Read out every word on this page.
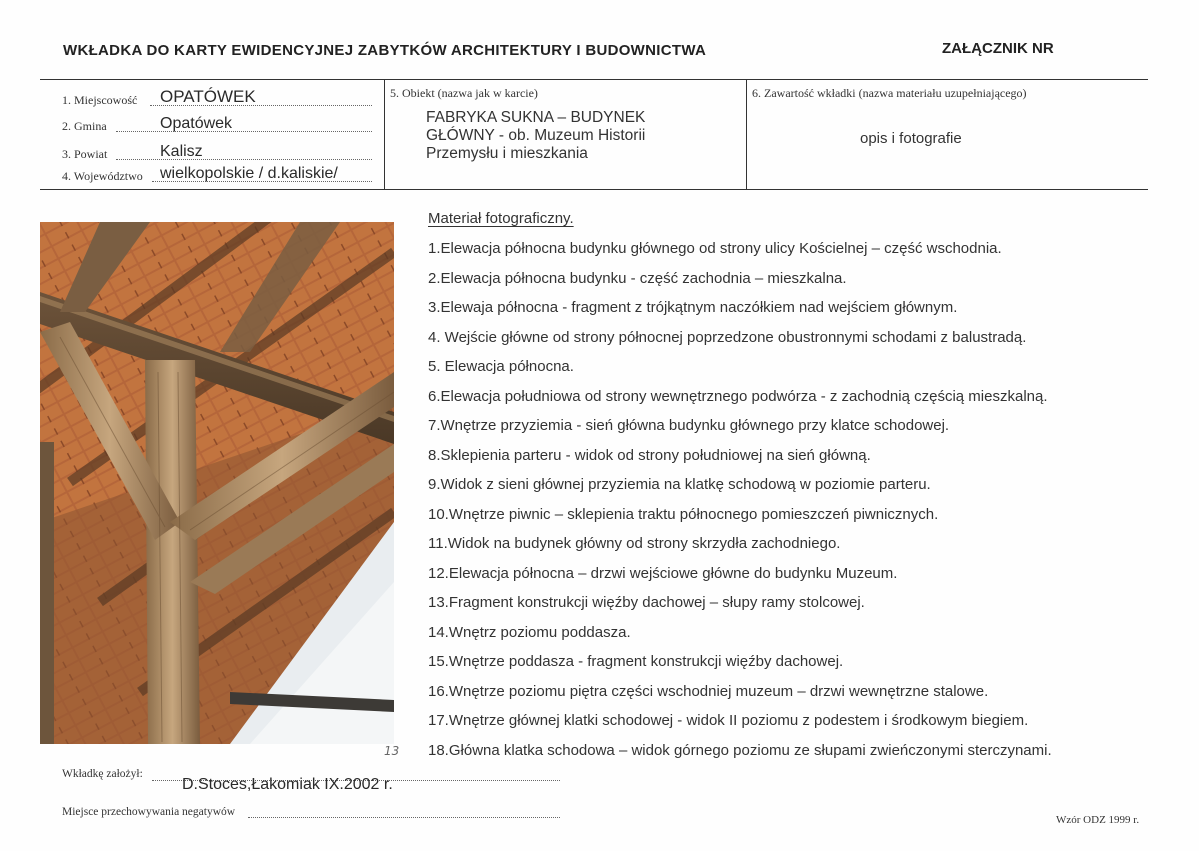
WKŁADKA DO KARTY EWIDENCYJNEJ ZABYTKÓW ARCHITEKTURY I BUDOWNICTWA	ZAŁĄCZNIK NR
1. Miejscowość OPATÓWEK
2. Gmina	Opatówek
3. Powiat	Kalisz
4. Województwo wielkopolskie / d.kaliskie/
5. Obiekt (nazwa jak w karcie)
FABRYKA SUKNA – BUDYNEK
GŁÓWNY - ob. Muzeum Historii
Przemysłu i mieszkania
6. Zawartość wkładki (nazwa materiału uzupełniającego)
opis i fotografie
13
Materiał fotograficzny.
1.Elewacja północna budynku głównego od strony ulicy Kościelnej – część wschodnia.
2.Elewacja północna budynku - część zachodnia – mieszkalna.
3.Elewaja północna - fragment z trójkątnym naczółkiem nad wejściem głównym.
4. Wejście główne od strony północnej poprzedzone obustronnymi schodami z balustradą.
5. Elewacja północna.
6.Elewacja południowa od strony wewnętrznego podwórza - z zachodnią częścią mieszkalną.
7.Wnętrze przyziemia - sień główna budynku głównego przy klatce schodowej.
8.Sklepienia parteru - widok od strony południowej na sień główną.
9.Widok z sieni głównej przyziemia na klatkę schodową w poziomie parteru.
10.Wnętrze piwnic – sklepienia traktu północnego pomieszczeń piwnicznych.
11.Widok na budynek główny od strony skrzydła zachodniego.
12.Elewacja północna – drzwi wejściowe główne do budynku Muzeum.
13.Fragment konstrukcji więźby dachowej – słupy ramy stolcowej.
14.Wnętrz poziomu poddasza.
15.Wnętrze poddasza - fragment konstrukcji więźby dachowej.
16.Wnętrze poziomu piętra części wschodniej muzeum – drzwi wewnętrzne stalowe.
17.Wnętrze głównej klatki schodowej - widok II poziomu z podestem i środkowym biegiem.
18.Główna klatka schodowa – widok górnego poziomu ze słupami zwieńczonymi sterczynami.
Wkładkę założył:
D.Stoces,Łakomiak IX.2002 r.
Miejsce przechowywania negatywów
Wzór ODZ 1999 r.
